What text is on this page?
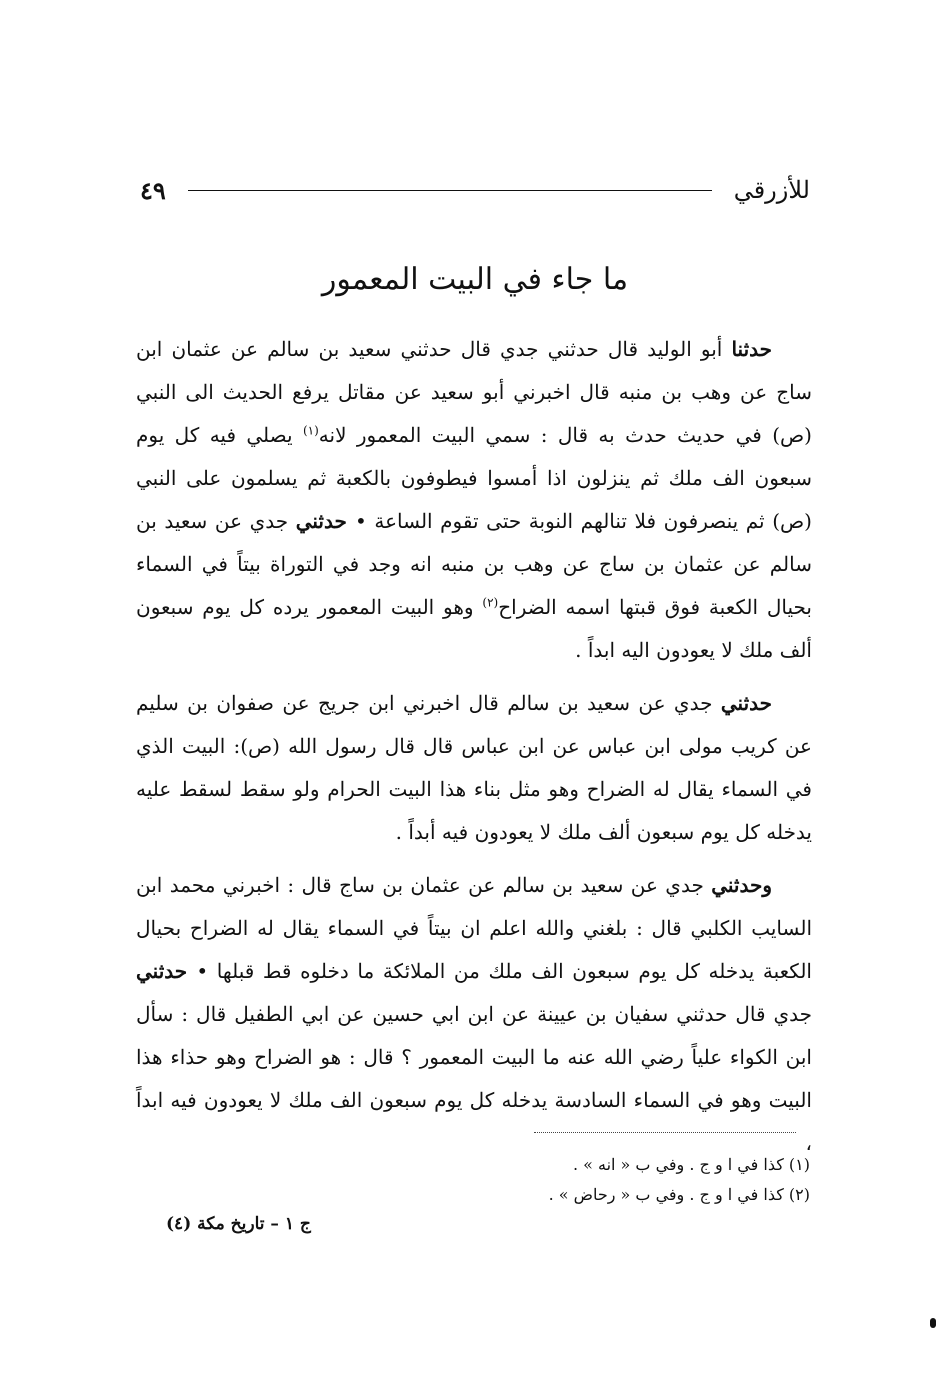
للأزرقي
٤٩
ما جاء في البيت المعمور

حدثنا أبو الوليد قال حدثني جدي قال حدثني سعيد بن سالم عن عثمان ابن ساج عن وهب بن منبه قال اخبرني أبو سعيد عن مقاتل يرفع الحديث الى النبي (ص) في حديث حدث به قال : سمي البيت المعمور لانه$^{(١)}$ يصلي فيه كل يوم سبعون الف ملك ثم ينزلون اذا أمسوا فيطوفون بالكعبة ثم يسلمون على النبي (ص) ثم ينصرفون فلا تنالهم النوبة حتى تقوم الساعة • حدثني جدي عن سعيد بن سالم عن عثمان بن ساج عن وهب بن منبه انه وجد في التوراة بيتاً في السماء بحيال الكعبة فوق قبتها اسمه الضراح$^{(٢)}$ وهو البيت المعمور يرده كل يوم سبعون ألف ملك لا يعودون اليه ابداً .

حدثني جدي عن سعيد بن سالم قال اخبرني ابن جريج عن صفوان بن سليم عن كريب مولى ابن عباس عن ابن عباس قال قال رسول الله (ص): البيت الذي في السماء يقال له الضراح وهو مثل بناء هذا البيت الحرام ولو سقط لسقط عليه يدخله كل يوم سبعون ألف ملك لا يعودون فيه أبداً .

وحدثني جدي عن سعيد بن سالم عن عثمان بن ساج قال : اخبرني محمد ابن السايب الكلبي قال : بلغني والله اعلم ان بيتاً في السماء يقال له الضراح بحيال الكعبة يدخله كل يوم سبعون الف ملك من الملائكة ما دخلوه قط قبلها • حدثني جدي قال حدثني سفيان بن عيينة عن ابن ابي حسين عن ابي الطفيل قال : سأل ابن الكواء علياً رضي الله عنه ما البيت المعمور ؟ قال : هو الضراح وهو حذاء هذا البيت وهو في السماء السادسة يدخله كل يوم سبعون الف ملك لا يعودون فيه ابداً ،

(١) كذا في ا و ج . وفي ب « انه » .
(٢) كذا في ا و ج . وفي ب « رحاض » .
ج ١ – تاريخ مكة (٤)
